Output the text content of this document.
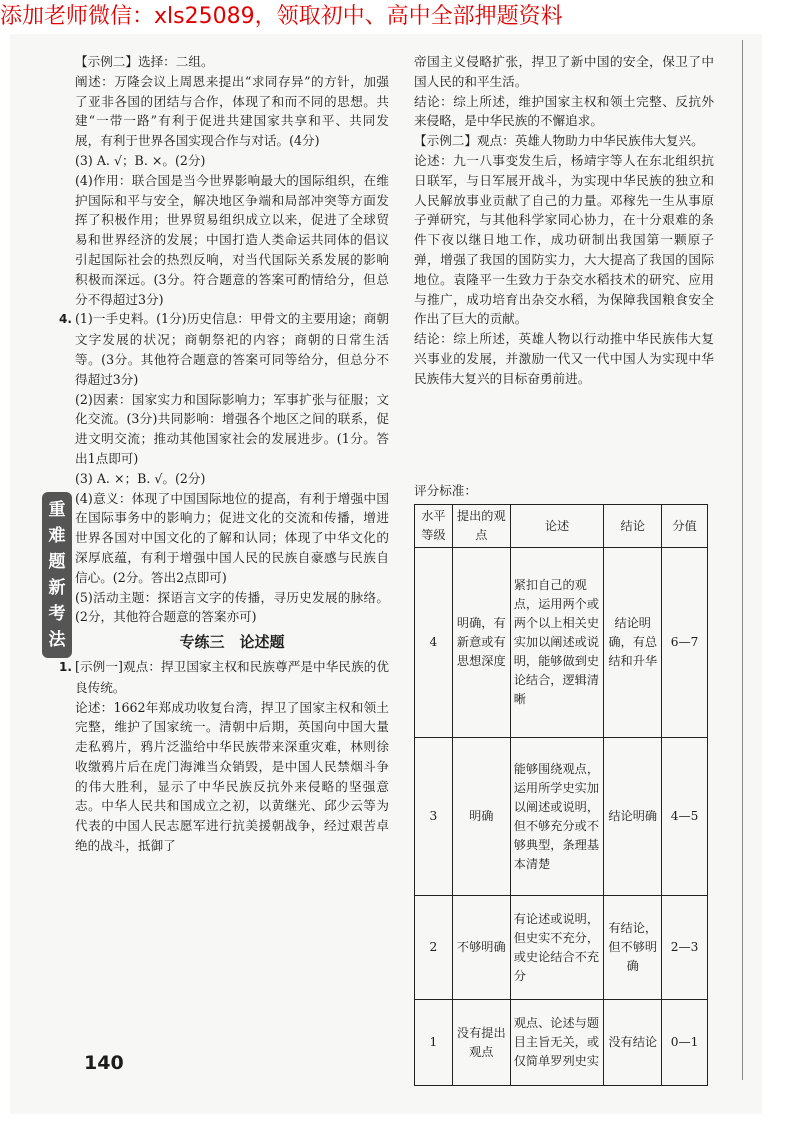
添加老师微信：xls25089，领取初中、高中全部押题资料
重
难
题
新
考
法

【示例二】选择：二组。

阐述：万隆会议上周恩来提出“求同存异”的方针，加强了亚非各国的团结与合作，体现了和而不同的思想。共建“一带一路”有利于促进共建国家共享和平、共同发展，有利于世界各国实现合作与对话。(4分)

(3) A. √；B. ×。(2分)

(4)作用：联合国是当今世界影响最大的国际组织，在维护国际和平与安全，解决地区争端和局部冲突等方面发挥了积极作用；世界贸易组织成立以来，促进了全球贸易和世界经济的发展；中国打造人类命运共同体的倡议引起国际社会的热烈反响，对当代国际关系发展的影响积极而深远。(3分。符合题意的答案可酌情给分，但总分不得超过3分)

4. (1)一手史料。(1分)历史信息：甲骨文的主要用途；商朝文字发展的状况；商朝祭祀的内容；商朝的日常生活等。(3分。其他符合题意的答案可同等给分，但总分不得超过3分)

(2)因素：国家实力和国际影响力；军事扩张与征服；文化交流。(3分)共同影响：增强各个地区之间的联系，促进文明交流；推动其他国家社会的发展进步。(1分。答出1点即可)

(3) A. ×；B. √。(2分)

(4)意义：体现了中国国际地位的提高，有利于增强中国在国际事务中的影响力；促进文化的交流和传播，增进世界各国对中国文化的了解和认同；体现了中华文化的深厚底蕴，有利于增强中国人民的民族自豪感与民族自信心。(2分。答出2点即可)

(5)活动主题：探语言文字的传播，寻历史发展的脉络。(2分，其他符合题意的答案亦可)

专练三　论述题

1. [示例一]观点：捍卫国家主权和民族尊严是中华民族的优良传统。

论述：1662年郑成功收复台湾，捍卫了国家主权和领土完整，维护了国家统一。清朝中后期，英国向中国大量走私鸦片，鸦片泛滥给中华民族带来深重灾难，林则徐收缴鸦片后在虎门海滩当众销毁，是中国人民禁烟斗争的伟大胜利，显示了中华民族反抗外来侵略的坚强意志。中华人民共和国成立之初，以黄继光、邱少云等为代表的中国人民志愿军进行抗美援朝战争，经过艰苦卓绝的战斗，抵御了

帝国主义侵略扩张，捍卫了新中国的安全，保卫了中国人民的和平生活。

结论：综上所述，维护国家主权和领土完整、反抗外来侵略，是中华民族的不懈追求。

【示例二】观点：英雄人物助力中华民族伟大复兴。

论述：九一八事变发生后，杨靖宇等人在东北组织抗日联军，与日军展开战斗，为实现中华民族的独立和人民解放事业贡献了自己的力量。邓稼先一生从事原子弹研究，与其他科学家同心协力，在十分艰难的条件下夜以继日地工作，成功研制出我国第一颗原子弹，增强了我国的国防实力，大大提高了我国的国际地位。袁隆平一生致力于杂交水稻技术的研究、应用与推广，成功培育出杂交水稻，为保障我国粮食安全作出了巨大的贡献。

结论：综上所述，英雄人物以行动推中华民族伟大复兴事业的发展，并激励一代又一代中国人为实现中华民族伟大复兴的目标奋勇前进。

评分标准：
水平等级	提出的观点	论述	结论	分值
4	明确，有新意或有思想深度	紧扣自己的观点，运用两个或两个以上相关史实加以阐述或说明，能够做到史论结合，逻辑清晰	结论明确，有总结和升华	6—7
3	明确	能够围绕观点，运用所学史实加以阐述或说明，但不够充分或不够典型，条理基本清楚	结论明确	4—5
2	不够明确	有论述或说明，但史实不充分，或史论结合不充分	有结论，但不够明确	2—3
1	没有提出观点	观点、论述与题目主旨无关，或仅简单罗列史实	没有结论	0—1
140
